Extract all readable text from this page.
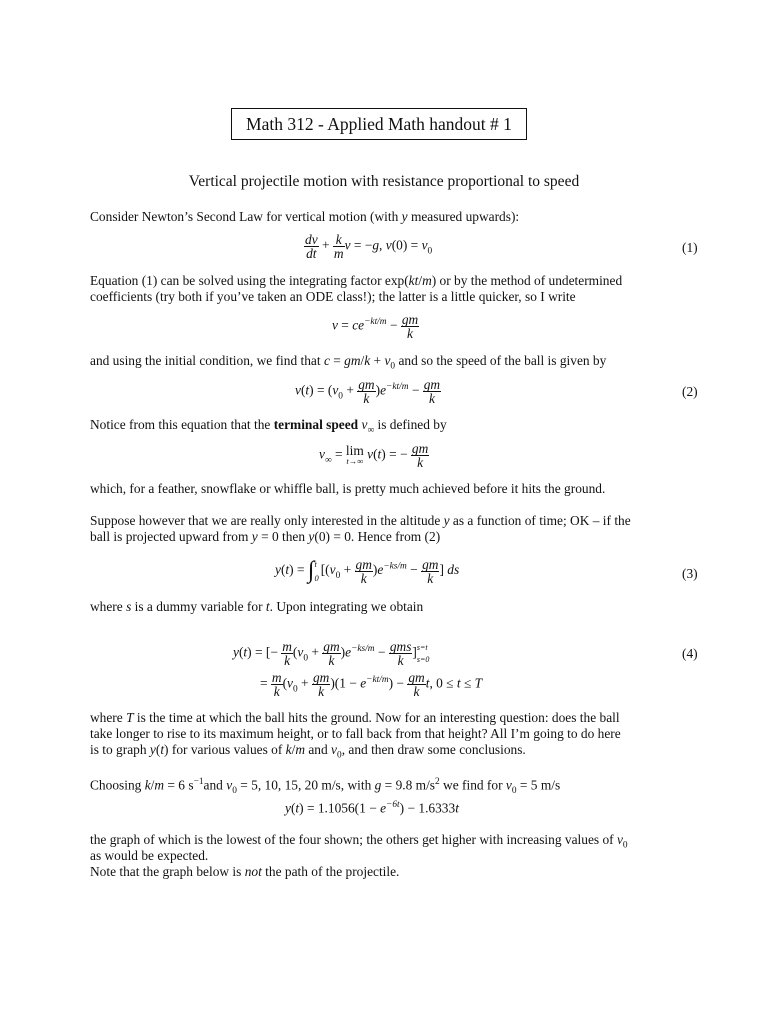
Math 312 - Applied Math handout # 1
Vertical projectile motion with resistance proportional to speed
Consider Newton’s Second Law for vertical motion (with y measured upwards):
$\frac{dv}{dt} + \frac{k}{m}$ v = −g, $v(0) = v_0$	(1)
Equation (1) can be solved using the integrating factor exp(kt/m) or by the method of undetermined
coefficients (try both if you’ve taken an ODE class!); the latter is a little quicker, so I write
$v = ce^{-kt/m} - \frac{gm}{k}$
and using the initial condition, we find that $c = gm/k + v_0$ and so the speed of the ball is given by
$v(t) = (v_0 + \frac{gm}{k} )e^{-kt/m} - \frac{gm}{k}$	(2)
Notice from this equation that the terminal speed $v_\infty$ is defined by
$v_\infty = \lim$
t→∞ v(t) = − $\frac{gm}{k}$
which, for a feather, snowflake or whiffle ball, is pretty much achieved before it hits the ground.
Suppose however that we are really only interested in the altitude y as a function of time; OK – if the
ball is projected upward from y = 0 then y(0) = 0. Hence from (2)
y(t) = ∫t
$0[(v_0 + \frac{gm}{k} )e^{-ks/m} - \frac{gm}{k}$ ] ds	(3)
where s is a dummy variable for t. Upon integrating we obtain
y(t) = [− $\frac{m}{k} (v_0 + \frac{gm}{k} )e^{-ks/m} - \frac{\text{gms}}{k} ]s=t$
s=0	(4)
= $\frac{m}{k} (v_0 + \frac{gm}{k} )(1 - e^{-kt/m}) - \frac{gm}{k} t$, 0 ≤ t ≤ T
where T is the time at which the ball hits the ground. Now for an interesting question: does the ball
take longer to rise to its maximum height, or to fall back from that height? All I’m going to do here
is to graph y(t) for various values of k/m and $v_0$, and then draw some conclusions.
Choosing k/m = 6 $s^{-1}and$ $v_0 = 5$, 10, 15, 20 m/s, with g = 9.8 $m/s^2$ we find for $v_0 = 5$ m/s
$y(t) = 1.1056(1 - e^{-6t}) - 1.6333t$
the graph of which is the lowest of the four shown; the others get higher with increasing values of $v_0$
as would be expected.
Note that the graph below is not the path of the projectile.
